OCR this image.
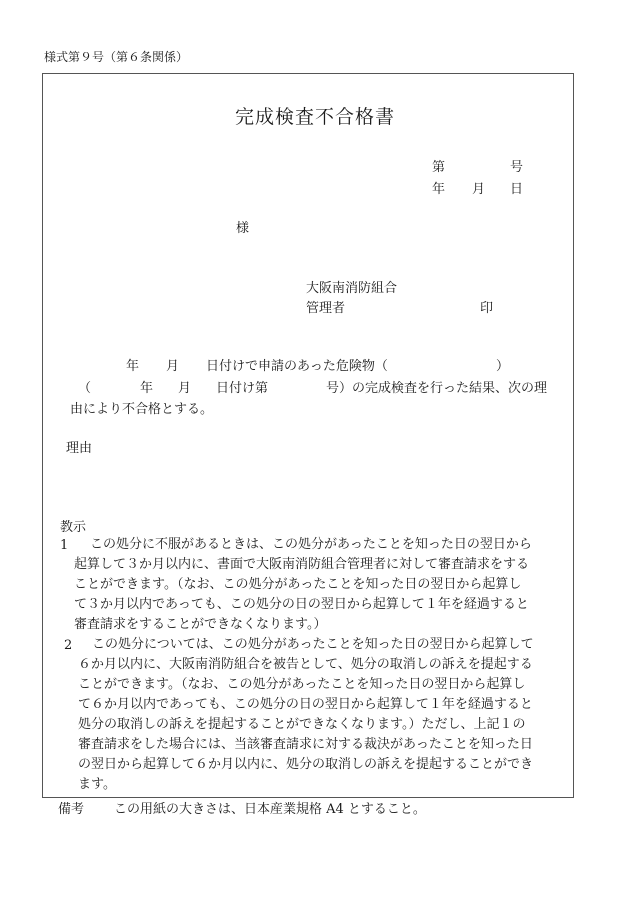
様式第９号（第６条関係）
完成検査不合格書
第	号
年 月 日
様
大阪南消防組合
管理者	印
年 月 日付けで申請のあった危険物（	）
（	年 月 日付け第	号）の完成検査を行った結果、次の理
由により不合格とする。
理由
教示
1 この処分に不服があるときは、この処分があったことを知った日の翌日から
起算して３か月以内に、書面で大阪南消防組合管理者に対して審査請求をする
ことができます。（なお、この処分があったことを知った日の翌日から起算し
て３か月以内であっても、この処分の日の翌日から起算して１年を経過すると
審査請求をすることができなくなります。）
2 この処分については、この処分があったことを知った日の翌日から起算して
６か月以内に、大阪南消防組合を被告として、処分の取消しの訴えを提起する
ことができます。（なお、この処分があったことを知った日の翌日から起算し
て６か月以内であっても、この処分の日の翌日から起算して１年を経過すると
処分の取消しの訴えを提起することができなくなります。）ただし、上記１の
審査請求をした場合には、当該審査請求に対する裁決があったことを知った日
の翌日から起算して６か月以内に、処分の取消しの訴えを提起することができ
ます。
備考 この用紙の大きさは、日本産業規格 A4 とすること。
